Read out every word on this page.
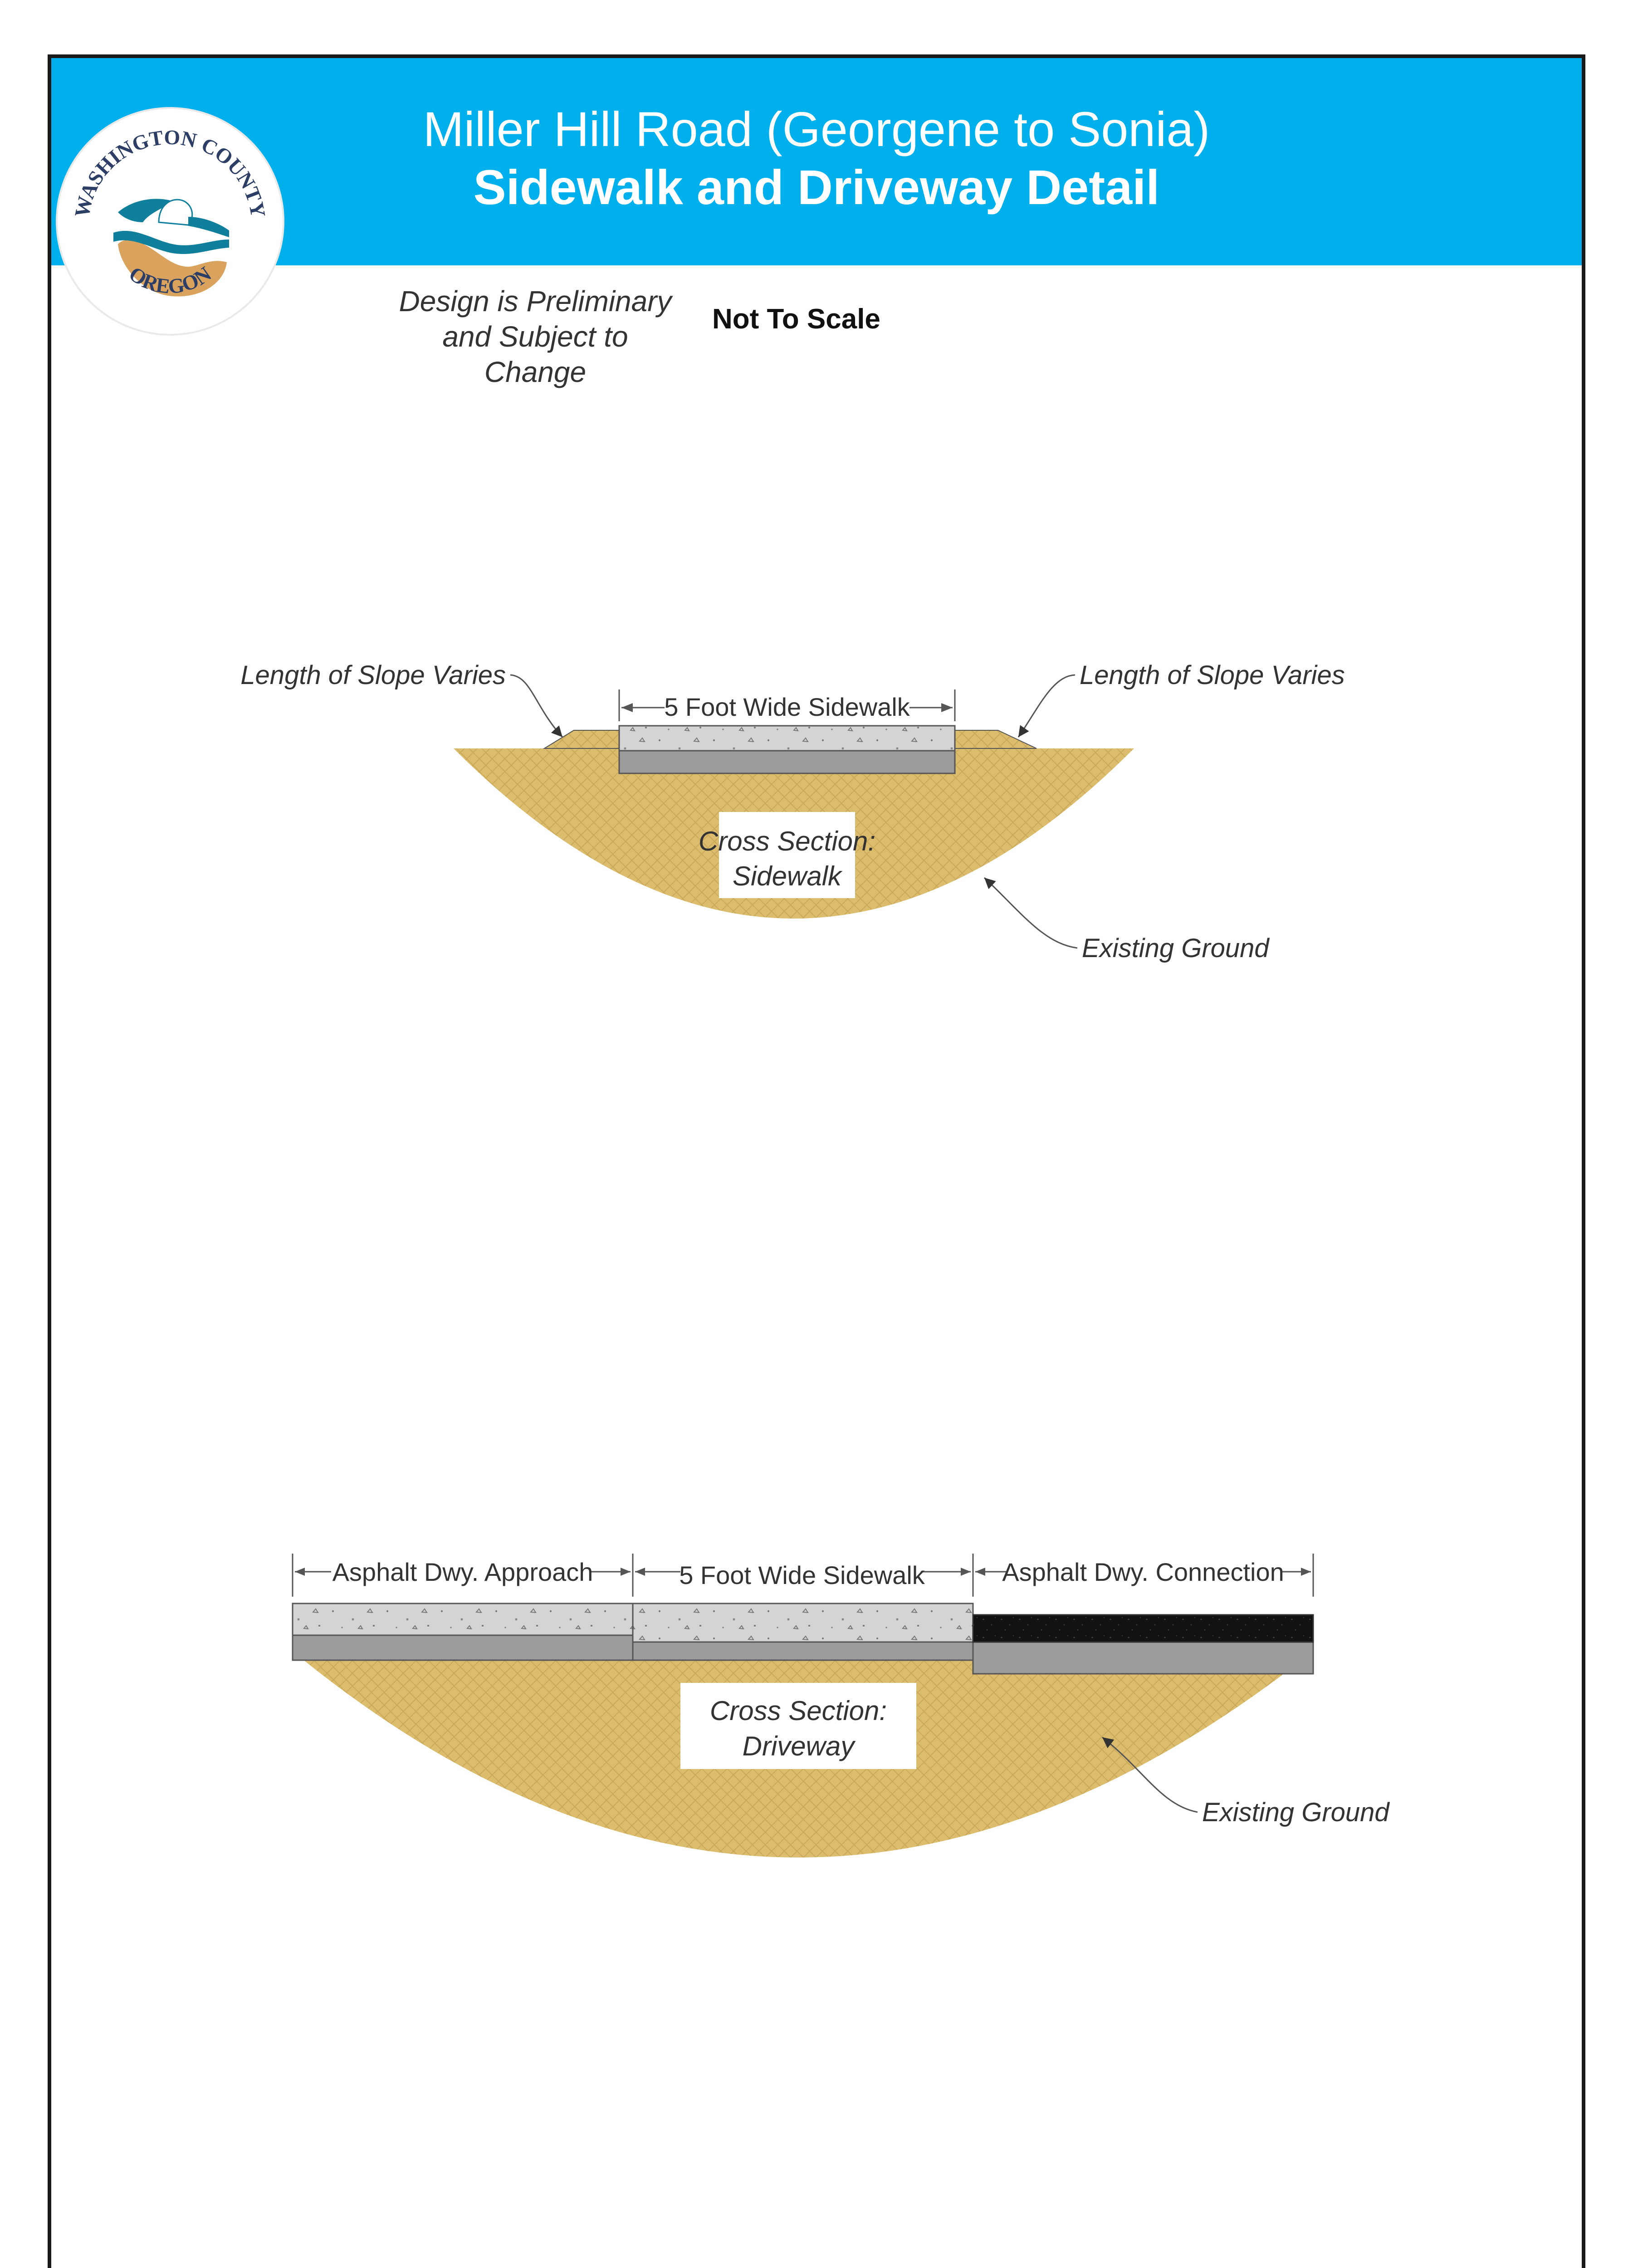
Miller Hill Road (Georgene to Sonia)
Sidewalk and Driveway Detail
WASHINGTON COUNTY
OREGON
Design is Preliminary
and Subject to Change
Not To Scale
5 Foot Wide Sidewalk
Length of Slope Varies	Length of Slope Varies
Cross Section:
Sidewalk
Existing Ground
Asphalt Dwy. Approach	5 Foot Wide Sidewalk	Asphalt Dwy. Connection
Cross Section:
Driveway
Existing Ground
